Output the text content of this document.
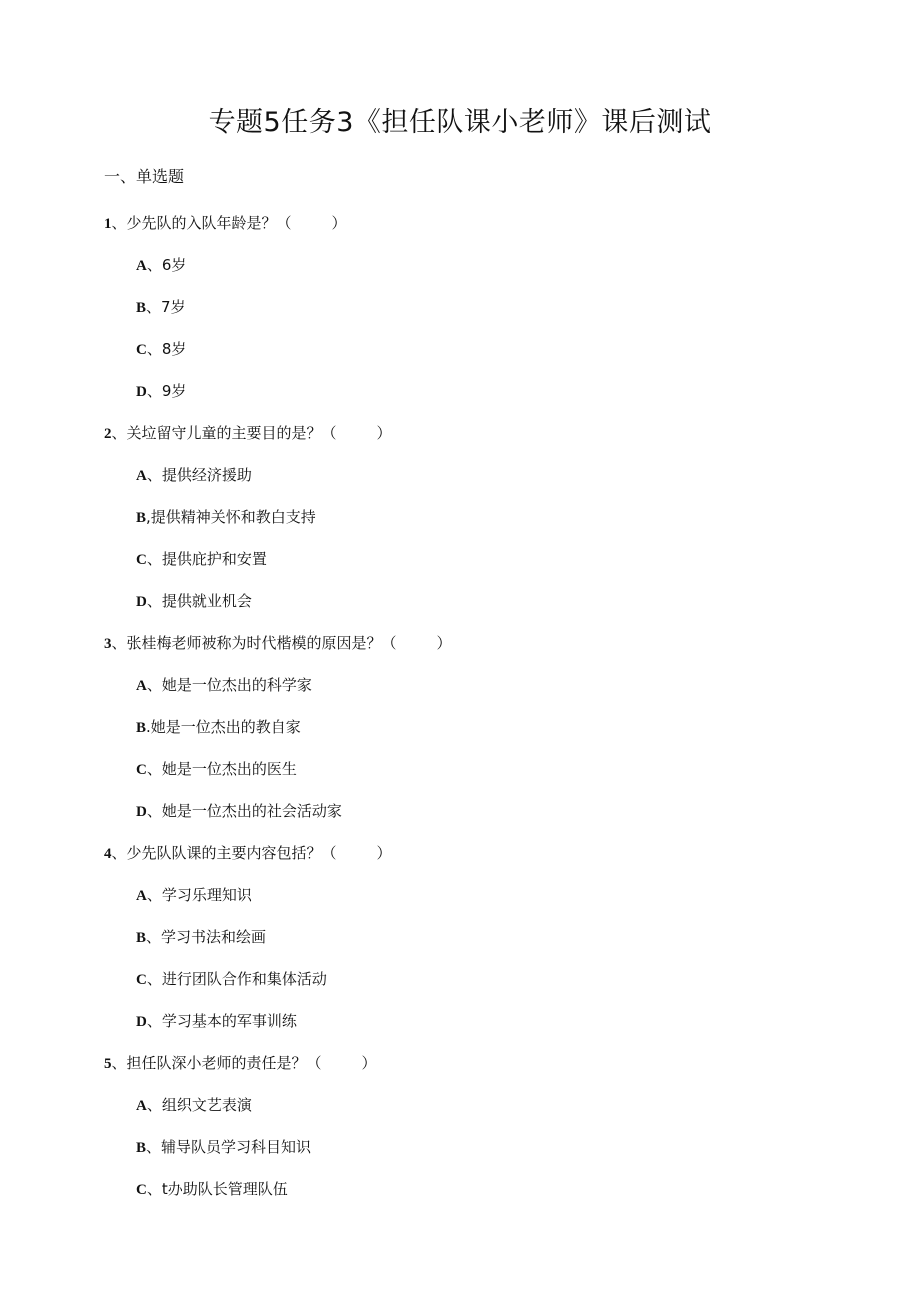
专题5任务3《担任队课小老师》课后测试
一、单选题
1、少先队的入队年龄是？（	）
A、6岁
B、7岁
C、8岁
D、9岁
2、关垃留守儿童的主要目的是？（	）
A、提供经济援助
B,提供精神关怀和教白支持
C、提供庇护和安置
D、提供就业机会
3、张桂梅老师被称为时代楷模的原因是？（	）
A、她是一位杰出的科学家
B.她是一位杰出的教自家
C、她是一位杰出的医生
D、她是一位杰出的社会活动家
4、少先队队课的主要内容包括？（	）
A、学习乐理知识
B、学习书法和绘画
C、进行团队合作和集体活动
D、学习基本的军事训练
5、担任队深小老师的责任是？（	）
A、组织文艺表演
B、辅导队员学习科目知识
C、t办助队长管理队伍
